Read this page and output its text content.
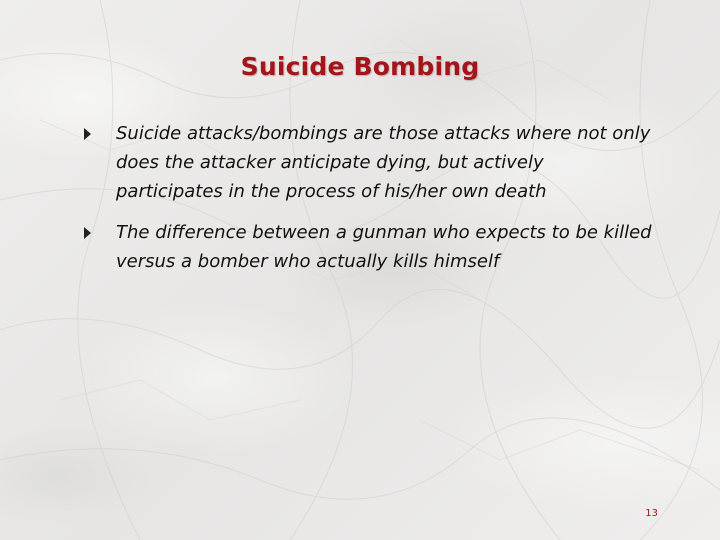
Suicide Bombing
Suicide attacks/bombings are those attacks where not only does the attacker anticipate dying, but actively participates in the process of his/her own death
The difference between a gunman who expects to be killed versus a bomber who actually kills himself
13
